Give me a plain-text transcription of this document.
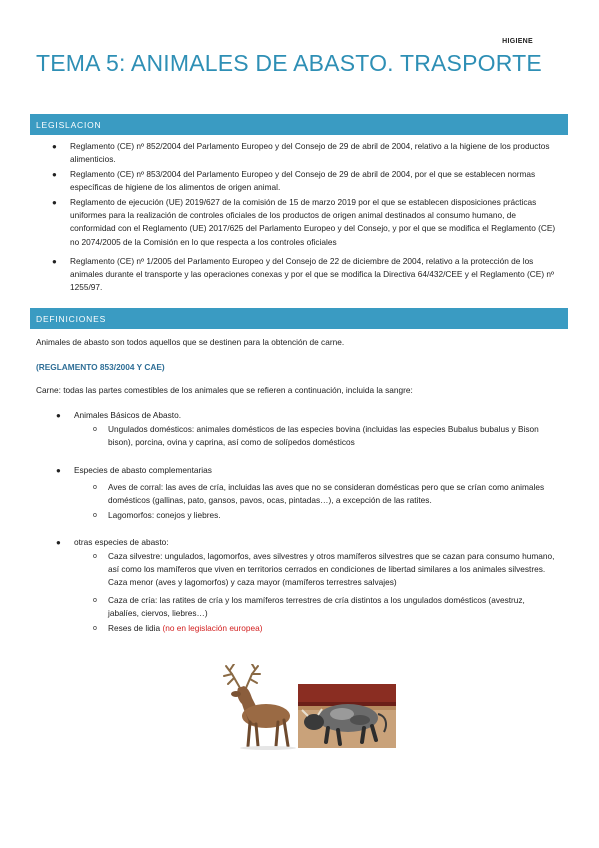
HIGIENE
TEMA 5: ANIMALES DE ABASTO. TRASPORTE
LEGISLACION
● Reglamento (CE) nº 852/2004 del Parlamento Europeo y del Consejo de 29 de abril de 2004, relativo a la higiene de los productos alimenticios.
● Reglamento (CE) nº 853/2004 del Parlamento Europeo y del Consejo de 29 de abril de 2004, por el que se establecen normas específicas de higiene de los alimentos de origen animal.
● Reglamento de ejecución (UE) 2019/627 de la comisión de 15 de marzo 2019 por el que se establecen disposiciones prácticas uniformes para la realización de controles oficiales de los productos de origen animal destinados al consumo humano, de conformidad con el Reglamento (UE) 2017/625 del Parlamento Europeo y del Consejo, y por el que se modifica el Reglamento (CE) no 2074/2005 de la Comisión en lo que respecta a los controles oficiales
● Reglamento (CE) nº 1/2005 del Parlamento Europeo y del Consejo de 22 de diciembre de 2004, relativo a la protección de los animales durante el transporte y las operaciones conexas y por el que se modifica la Directiva 64/432/CEE y el Reglamento (CE) nº 1255/97.
DEFINICIONES
Animales de abasto son todos aquellos que se destinen para la obtención de carne.
(REGLAMENTO 853/2004 Y CAE)
Carne: todas las partes comestibles de los animales que se refieren a continuación, incluida la sangre:
● Animales Básicos de Abasto.
o Ungulados domésticos: animales domésticos de las especies bovina (incluidas las especies Bubalus bubalus y Bison bison), porcina, ovina y caprina, así como de solípedos domésticos
● Especies de abasto complementarias
o Aves de corral: las aves de cría, incluidas las aves que no se consideran domésticas pero que se crían como animales domésticos (gallinas, pato, gansos, pavos, ocas, pintadas…), a excepción de las ratites.
o Lagomorfos: conejos y liebres.
● otras especies de abasto:
o Caza silvestre: ungulados, lagomorfos, aves silvestres y otros mamíferos silvestres que se cazan para consumo humano, así como los mamíferos que viven en territorios cerrados en condiciones de libertad similares a los animales silvestres. Caza menor (aves y lagomorfos) y caza mayor (mamíferos terrestres salvajes)
o Caza de cría: las ratites de cría y los mamíferos terrestres de cría distintos a los ungulados domésticos (avestruz, jabalíes, ciervos, liebres…)
o Reses de lidia (no en legislación europea)
